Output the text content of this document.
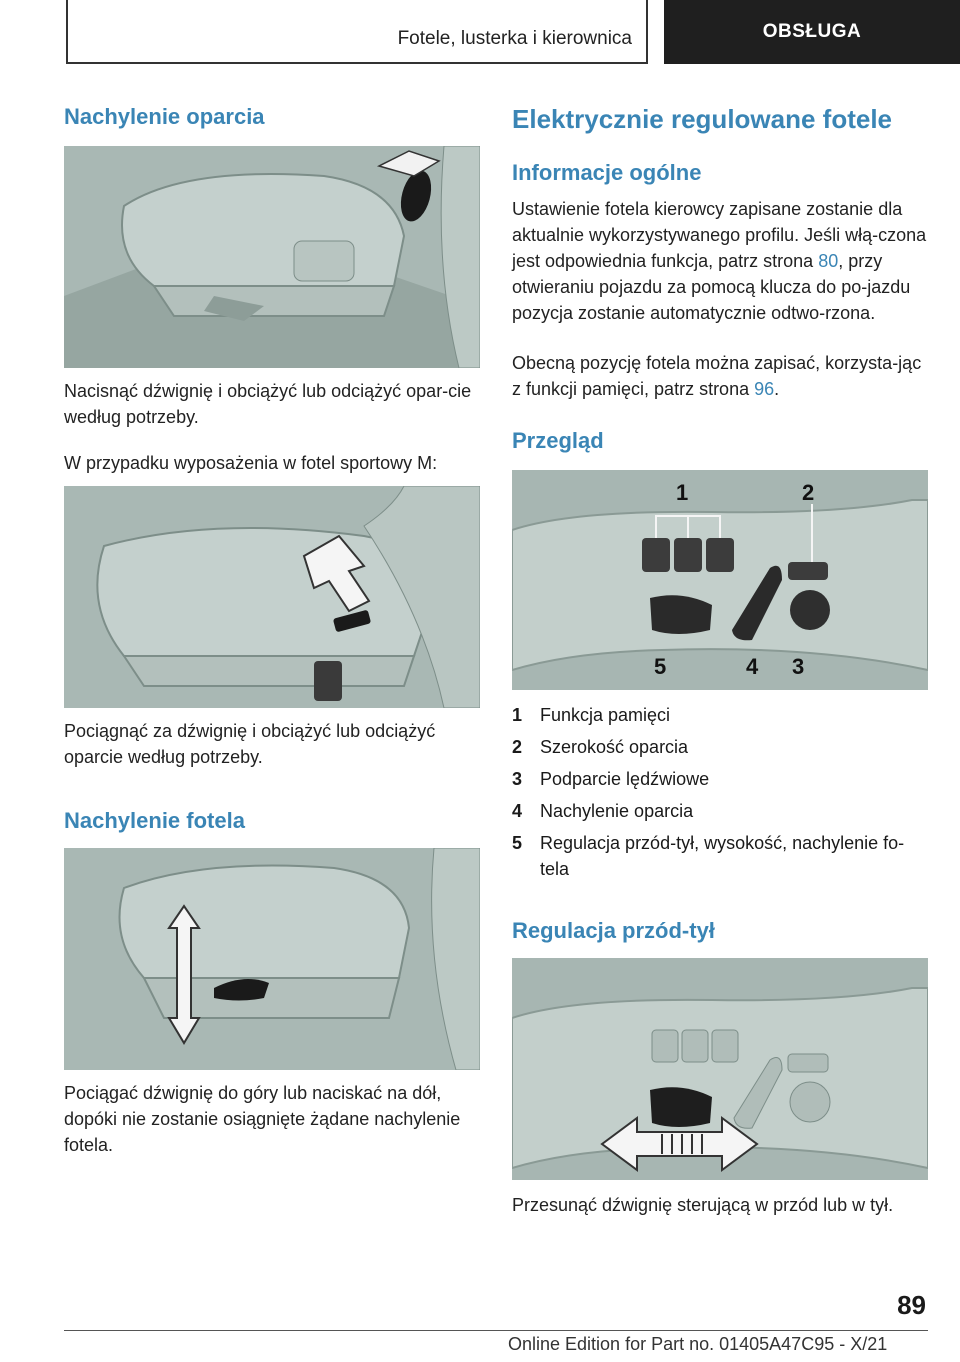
Fotele, lusterka i kierownica	OBSŁUGA
Nachylenie oparcia

Nacisnąć dźwignię i obciążyć lub odciążyć opar-cie według potrzeby.

W przypadku wyposażenia w fotel sportowy M:

Pociągnąć za dźwignię i obciążyć lub odciążyć oparcie według potrzeby.

Nachylenie fotela

Pociągać dźwignię do góry lub naciskać na dół, dopóki nie zostanie osiągnięte żądane nachylenie fotela.

Elektrycznie regulowane fotele
Informacje ogólne

Ustawienie fotela kierowcy zapisane zostanie dla aktualnie wykorzystywanego profilu. Jeśli włą-czona jest odpowiednia funkcja, patrz strona 80, przy otwieraniu pojazdu za pomocą klucza do po-jazdu pozycja zostanie automatycznie odtwo-rzona.

Obecną pozycję fotela można zapisać, korzysta-jąc z funkcji pamięci, patrz strona 96.

Przegląd
1	2
5	4 3
1 Funkcja pamięci
2 Szerokość oparcia
3 Podparcie lędźwiowe
4 Nachylenie oparcia
5 Regulacja przód-tył, wysokość, nachylenie fo-tela
Regulacja przód-tył

Przesunąć dźwignię sterującą w przód lub w tył.

89
Online Edition for Part no. 01405A47C95 - X/21
